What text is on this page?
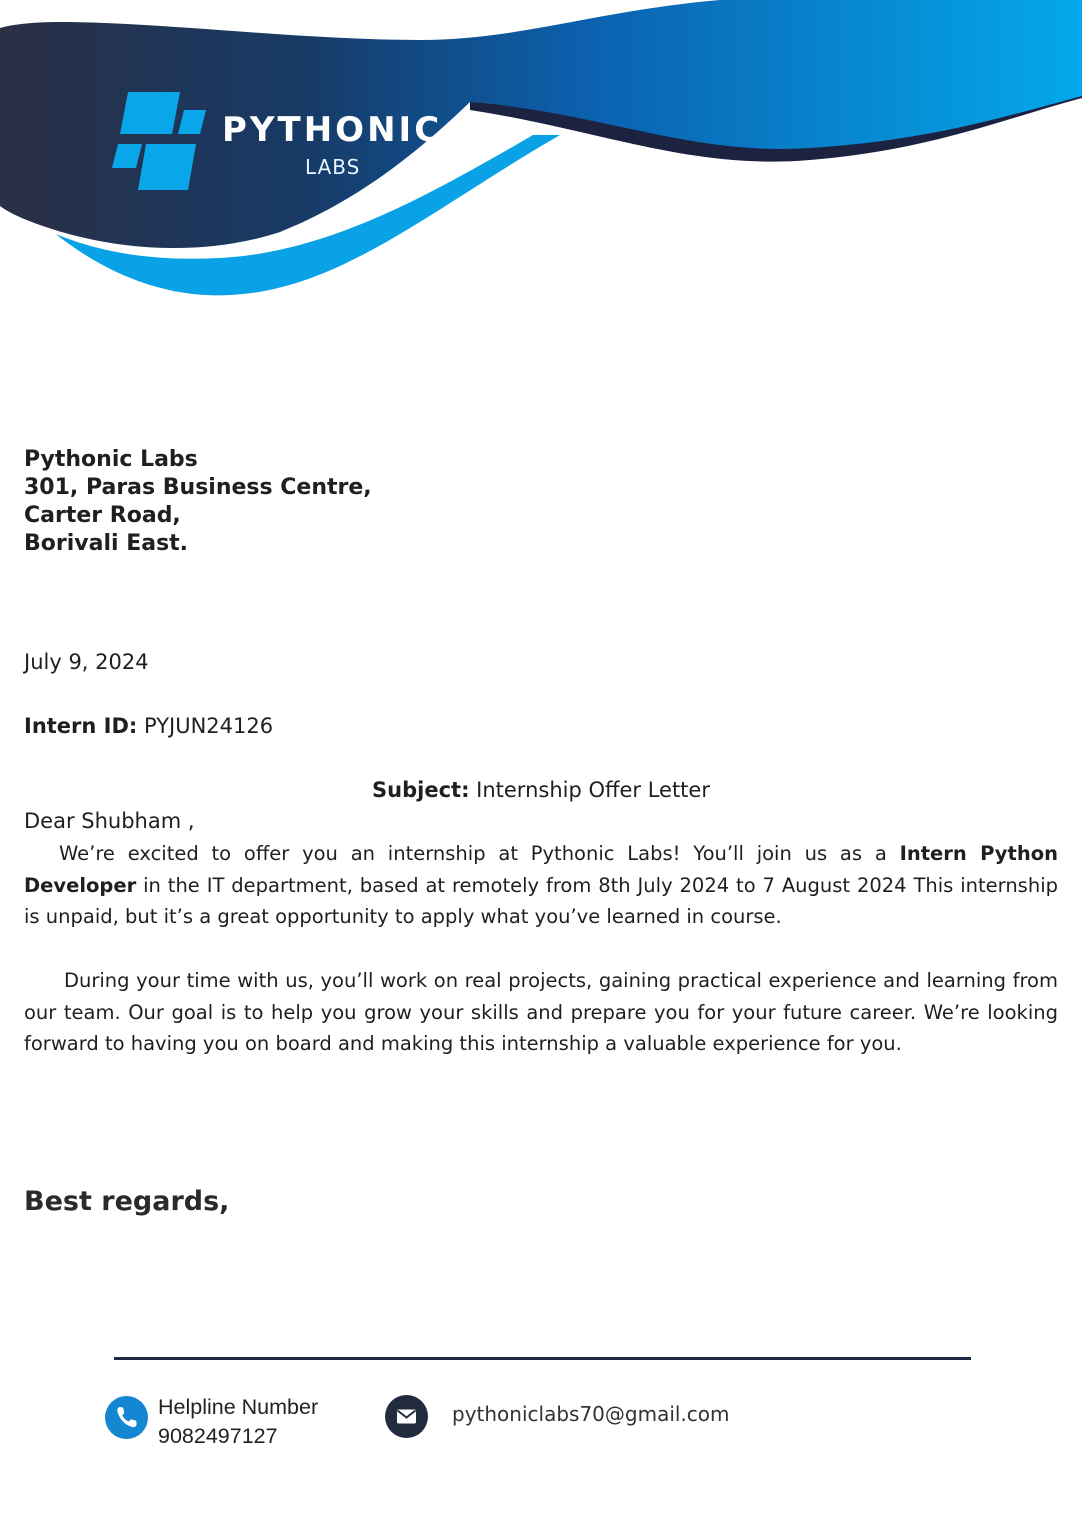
PYTHONIC
LABS
Pythonic Labs
301, Paras Business Centre,
Carter Road,
Borivali East.
July 9, 2024
Intern ID: PYJUN24126
Subject: Internship Offer Letter
Dear Shubham ,
We’re excited to offer you an internship at Pythonic Labs! You’ll join us as a Intern Python Developer in the IT department, based at remotely from 8th July 2024 to 7 August 2024 This internship is unpaid, but it’s a great opportunity to apply what you’ve learned in course.
During your time with us, you’ll work on real projects, gaining practical experience and learning from our team. Our goal is to help you grow your skills and prepare you for your future career. We’re looking forward to having you on board and making this internship a valuable experience for you.
Best regards,
Helpline Number
9082497127
pythoniclabs70@gmail.com
